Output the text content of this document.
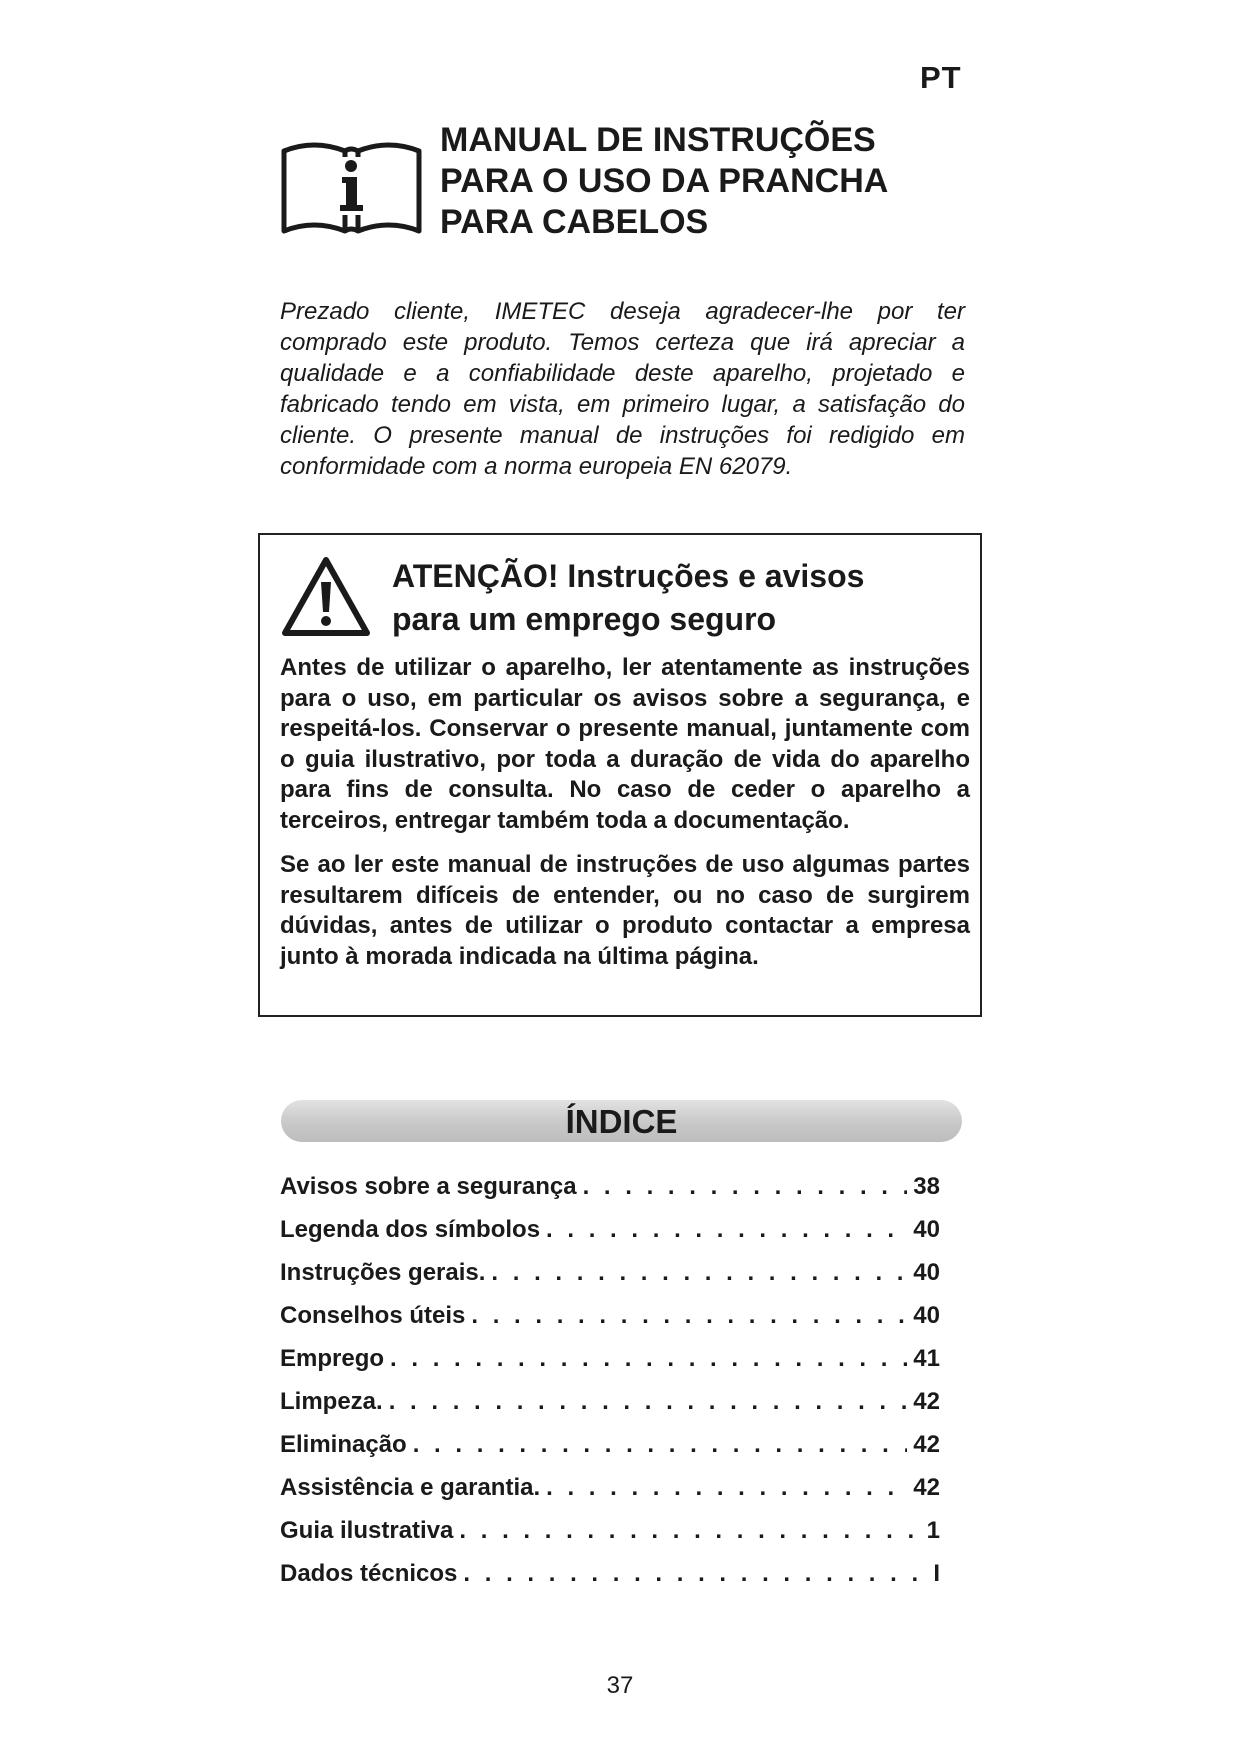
PT
MANUAL DE INSTRUÇÕES
PARA O USO DA PRANCHA
PARA CABELOS

Prezado cliente, IMETEC deseja agradecer-lhe por ter comprado este produto. Temos certeza que irá apreciar a qualidade e a confiabilidade deste aparelho, projetado e fabricado tendo em vista, em primeiro lugar, a satisfação do cliente. O presente manual de instruções foi redigido em conformidade com a norma europeia EN 62079.

ATENÇÃO! Instruções e avisos
para um emprego seguro

Antes de utilizar o aparelho, ler atentamente as instruções para o uso, em particular os avisos sobre a segurança, e respeitá-los. Conservar o presente manual, juntamente com o guia ilustrativo, por toda a duração de vida do aparelho para fins de consulta. No caso de ceder o aparelho a terceiros, entregar também toda a documentação.

Se ao ler este manual de instruções de uso algumas partes resultarem difíceis de entender, ou no caso de surgirem dúvidas, antes de utilizar o produto contactar a empresa junto à morada indicada na última página.

ÍNDICE
Avisos sobre a segurança . . .	38
Legenda dos símbolos . . .	40
Instruções gerais. . . .	40
Conselhos úteis . . .	40
Emprego . . .	41
Limpeza. . . .	42
Eliminação . . .	42
Assistência e garantia. . . .	42
Guia ilustrativa . . .	1
Dados técnicos . . .	I
37
